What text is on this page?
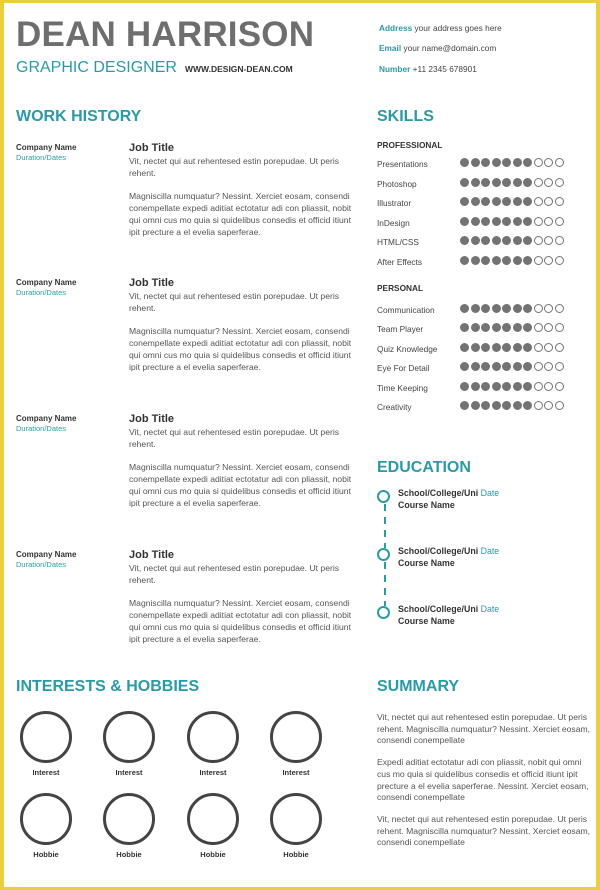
DEAN HARRISON
GRAPHIC DESIGNER WWW.DESIGN-DEAN.COM
Address your address goes here
Email your name@domain.com
Number +11 2345 678901
WORK HISTORY
Company Name
Duration/Dates
Job Title

Vit, nectet qui aut rehentesed estin porepudae. Ut peris rehent.

Magniscilla numquatur? Nessint. Xerciet eosam, consendi conempellate expedi aditiat ectotatur adi con pliassit, nobit qui omni cus mo quia si quidelibus consedis et officid itiunt ipit precture a el evelia saperferae.

Company Name
Duration/Dates
Job Title

Vit, nectet qui aut rehentesed estin porepudae. Ut peris rehent.

Magniscilla numquatur? Nessint. Xerciet eosam, consendi conempellate expedi aditiat ectotatur adi con pliassit, nobit qui omni cus mo quia si quidelibus consedis et officid itiunt ipit precture a el evelia saperferae.

Company Name
Duration/Dates
Job Title

Vit, nectet qui aut rehentesed estin porepudae. Ut peris rehent.

Magniscilla numquatur? Nessint. Xerciet eosam, consendi conempellate expedi aditiat ectotatur adi con pliassit, nobit qui omni cus mo quia si quidelibus consedis et officid itiunt ipit precture a el evelia saperferae.

Company Name
Duration/Dates
Job Title

Vit, nectet qui aut rehentesed estin porepudae. Ut peris rehent.

Magniscilla numquatur? Nessint. Xerciet eosam, consendi conempellate expedi aditiat ectotatur adi con pliassit, nobit qui omni cus mo quia si quidelibus consedis et officid itiunt ipit precture a el evelia saperferae.

SKILLS
PROFESSIONAL
Presentations
Photoshop
Illustrator
InDesign
HTML/CSS
After Effects
PERSONAL
Communication
Team Player
Quiz Knowledge
Eye For Detail
Time Keeping
Creativity
EDUCATION
School/College/Uni Date
Course Name
School/College/Uni Date
Course Name
School/College/Uni Date
Course Name
INTERESTS & HOBBIES
Interest	Interest	Interest	Interest
Hobbie	Hobbie	Hobbie	Hobbie
SUMMARY

Vit, nectet qui aut rehentesed estin porepudae. Ut peris rehent. Magniscilla numquatur? Nessint. Xerciet eosam, consendi conempellate

Expedi aditiat ectotatur adi con pliassit, nobit qui omni cus mo quia si quidelibus consedis et officid itiunt ipit precture a el evelia saperferae. Nessint. Xerciet eosam, consendi conempellate

Vit, nectet qui aut rehentesed estin porepudae. Ut peris rehent. Magniscilla numquatur? Nessint. Xerciet eosam, consendi conempellate
